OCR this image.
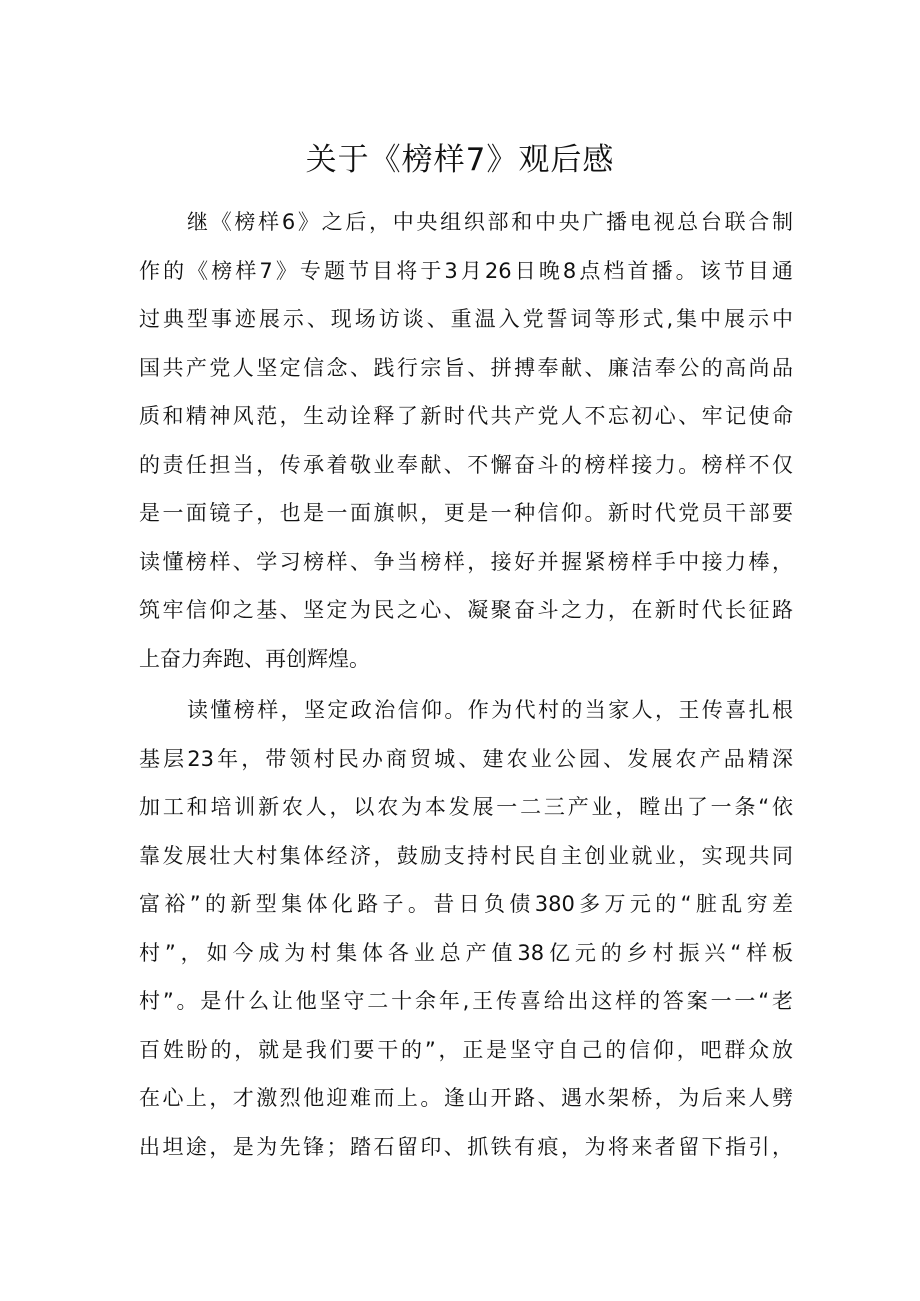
关于《榜样7》观后感

继《榜样6》之后，中央组织部和中央广播电视总台联合制
作的《榜样7》专题节目将于3月26日晚8点档首播。该节目通
过典型事迹展示、现场访谈、重温入党誓词等形式,集中展示中
国共产党人坚定信念、践行宗旨、拼搏奉献、廉洁奉公的高尚品
质和精神风范，生动诠释了新时代共产党人不忘初心、牢记使命
的责任担当，传承着敬业奉献、不懈奋斗的榜样接力。榜样不仅
是一面镜子，也是一面旗帜，更是一种信仰。新时代党员干部要
读懂榜样、学习榜样、争当榜样，接好并握紧榜样手中接力棒，
筑牢信仰之基、坚定为民之心、凝聚奋斗之力，在新时代长征路
上奋力奔跑、再创辉煌。

读懂榜样，坚定政治信仰。作为代村的当家人，王传喜扎根
基层23年，带领村民办商贸城、建农业公园、发展农产品精深
加工和培训新农人，以农为本发展一二三产业，瞠出了一条“依
靠发展壮大村集体经济，鼓励支持村民自主创业就业，实现共同
富裕”的新型集体化路子。昔日负债380多万元的“脏乱穷差
村”，如今成为村集体各业总产值38亿元的乡村振兴“样板
村”。是什么让他坚守二十余年,王传喜给出这样的答案一一“老
百姓盼的，就是我们要干的”，正是坚守自己的信仰，吧群众放
在心上，才激烈他迎难而上。逢山开路、遇水架桥，为后来人劈
出坦途，是为先锋；踏石留印、抓铁有痕，为将来者留下指引，
